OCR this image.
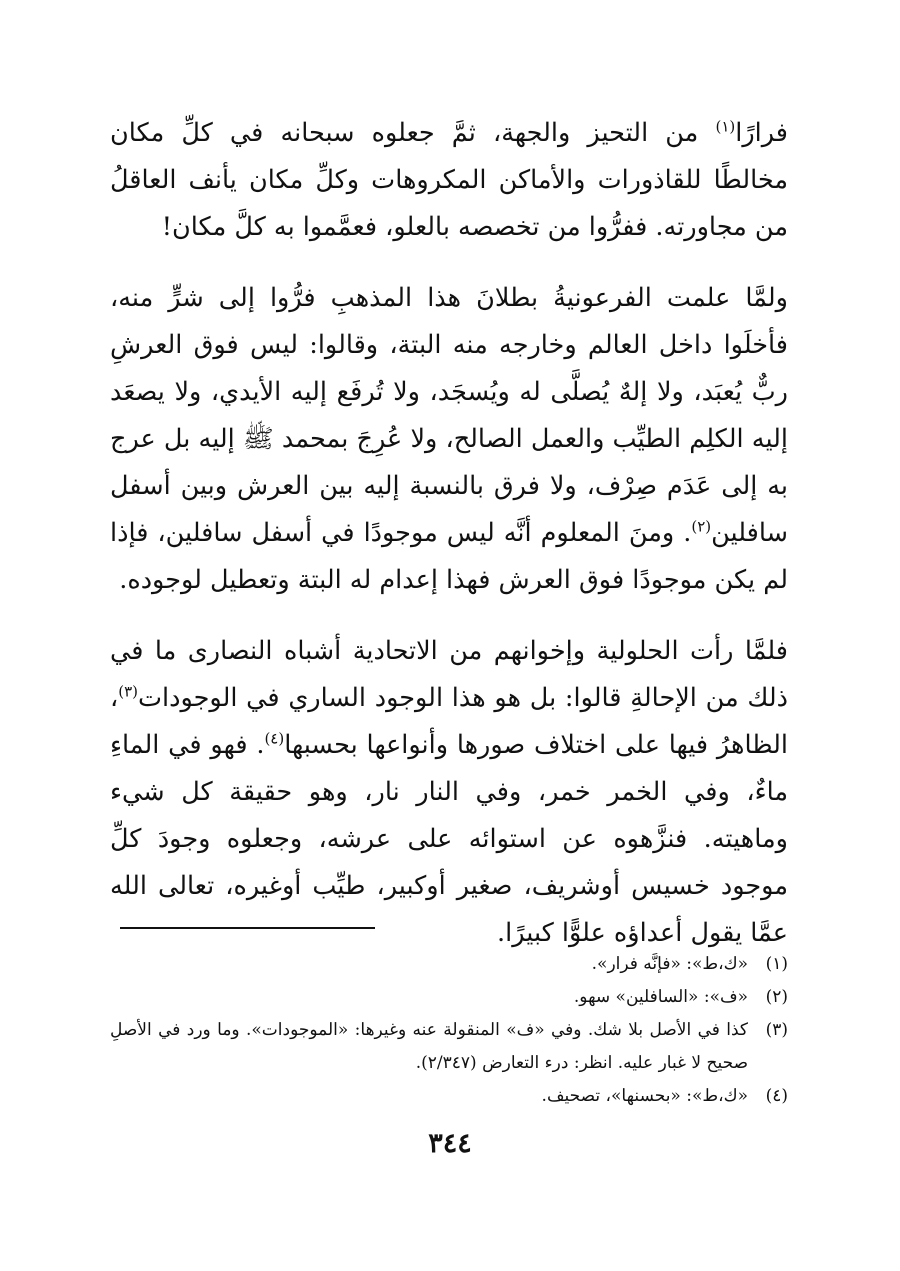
فرارًا$^{(١)}$ من التحيز والجهة، ثمَّ جعلوه سبحانه في كلِّ مكان مخالطًا للقاذورات والأماكن المكروهات وكلِّ مكان يأنف العاقلُ من مجاورته. ففرُّوا من تخصصه بالعلو، فعمَّموا به كلَّ مكان!

ولمَّا علمت الفرعونيةُ بطلانَ هذا المذهبِ فرُّوا إلى شرٍّ منه، فأخلَوا داخل العالم وخارجه منه البتة، وقالوا: ليس فوق العرشِ ربٌّ يُعبَد، ولا إلهٌ يُصلَّى له ويُسجَد، ولا تُرفَع إليه الأيدي، ولا يصعَد إليه الكلِم الطيِّب والعمل الصالح، ولا عُرِجَ بمحمد ﷺ إليه بل عرج به إلى عَدَم صِرْف، ولا فرق بالنسبة إليه بين العرش وبين أسفل سافلين$^{(٢)}$. ومنَ المعلوم أنَّه ليس موجودًا في أسفل سافلين، فإذا لم يكن موجودًا فوق العرش فهذا إعدام له البتة وتعطيل لوجوده.

فلمَّا رأت الحلولية وإخوانهم من الاتحادية أشباه النصارى ما في ذلك من الإحالةِ قالوا: بل هو هذا الوجود الساري في الوجودات$^{(٣)}$، الظاهرُ فيها على اختلاف صورها وأنواعها بحسبها$^{(٤)}$. فهو في الماءِ ماءٌ، وفي الخمر خمر، وفي النار نار، وهو حقيقة كل شيء وماهيته. فنزَّهوه عن استوائه على عرشه، وجعلوه وجودَ كلِّ موجود خسيس أوشريف، صغير أوكبير، طيِّب أوغيره، تعالى الله عمَّا يقول أعداؤه علوًّا كبيرًا.

(١)
«ك،ط»: «فإنَّه فرار».
(٢)
«ف»: «السافلين» سهو.
(٣)
كذا في الأصل بلا شك. وفي «ف» المنقولة عنه وغيرها: «الموجودات». وما ورد في الأصلِ صحيح لا غبار عليه. انظر: درء التعارض (٢/٣٤٧).
(٤)
«ك،ط»: «بحسنها»، تصحيف.
٣٤٤
